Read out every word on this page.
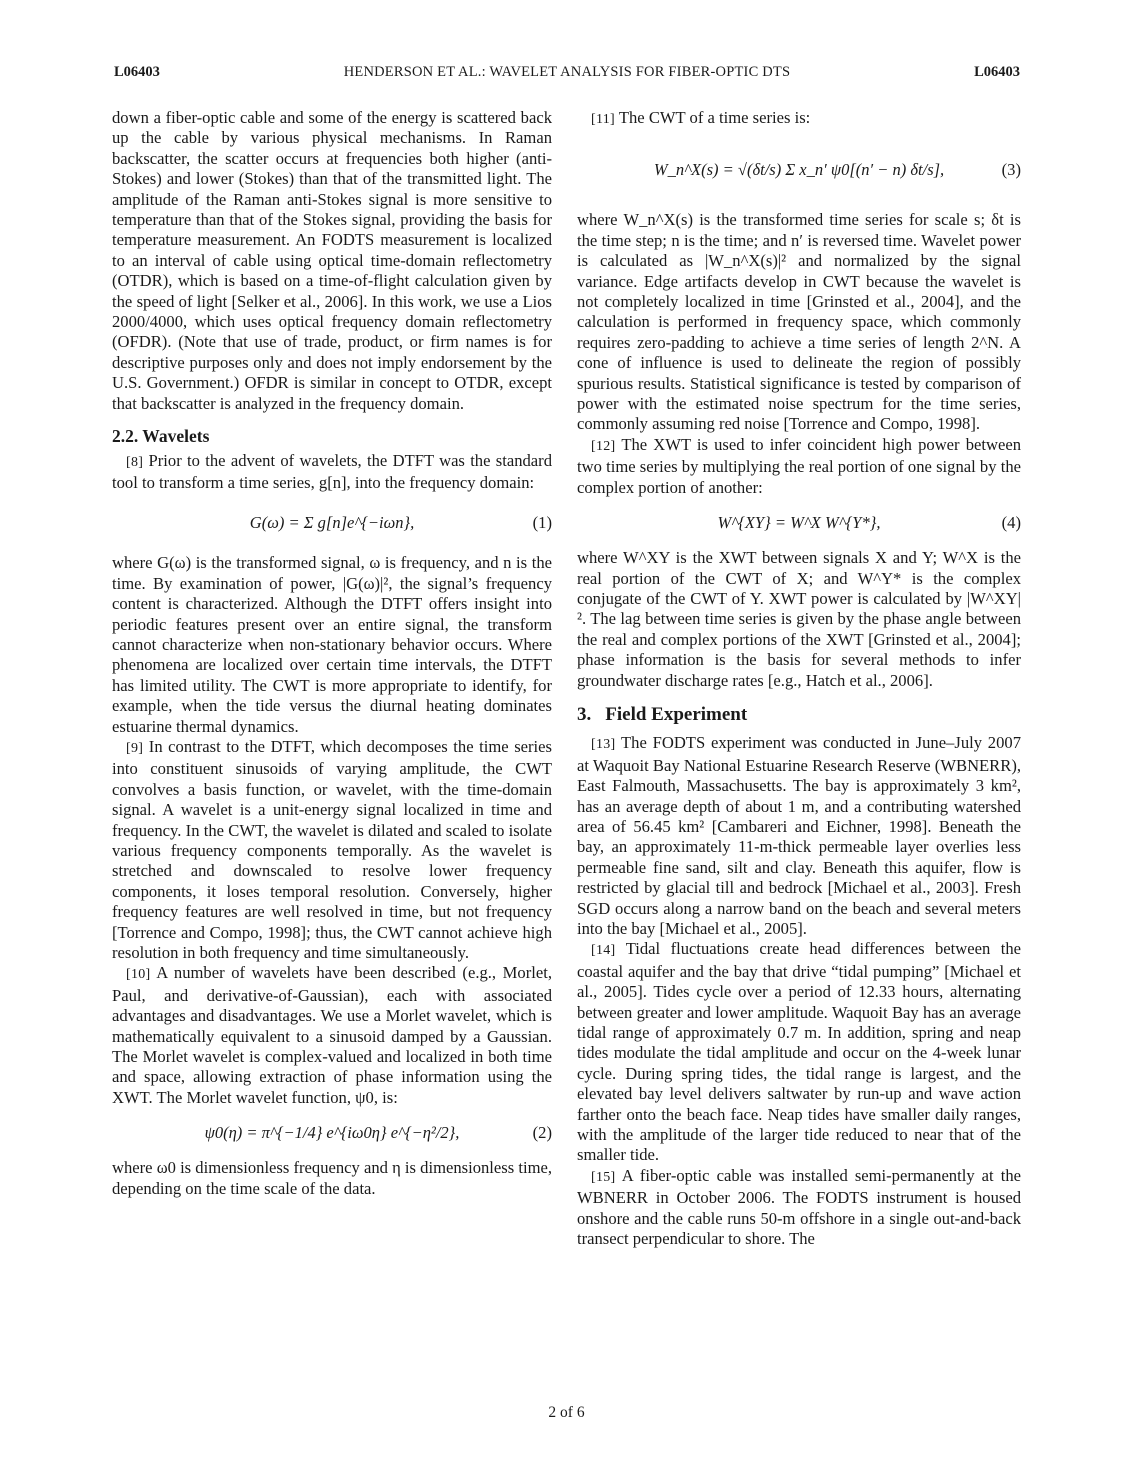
L06403	HENDERSON ET AL.: WAVELET ANALYSIS FOR FIBER-OPTIC DTS	L06403

down a fiber-optic cable and some of the energy is scattered back up the cable by various physical mechanisms. In Raman backscatter, the scatter occurs at frequencies both higher (anti-Stokes) and lower (Stokes) than that of the transmitted light. The amplitude of the Raman anti-Stokes signal is more sensitive to temperature than that of the Stokes signal, providing the basis for temperature measurement. An FODTS measurement is localized to an interval of cable using optical time-domain reflectometry (OTDR), which is based on a time-of-flight calculation given by the speed of light [Selker et al., 2006]. In this work, we use a Lios 2000/4000, which uses optical frequency domain reflectometry (OFDR). (Note that use of trade, product, or firm names is for descriptive purposes only and does not imply endorsement by the U.S. Government.) OFDR is similar in concept to OTDR, except that backscatter is analyzed in the frequency domain.

2.2. Wavelets

[8] Prior to the advent of wavelets, the DTFT was the standard tool to transform a time series, g[n], into the frequency domain:

G(ω) = Σ g[n]e^{−iωn},	(1)

where G(ω) is the transformed signal, ω is frequency, and n is the time. By examination of power, |G(ω)|², the signal’s frequency content is characterized. Although the DTFT offers insight into periodic features present over an entire signal, the transform cannot characterize when non-stationary behavior occurs. Where phenomena are localized over certain time intervals, the DTFT has limited utility. The CWT is more appropriate to identify, for example, when the tide versus the diurnal heating dominates estuarine thermal dynamics.

[9] In contrast to the DTFT, which decomposes the time series into constituent sinusoids of varying amplitude, the CWT convolves a basis function, or wavelet, with the time-domain signal. A wavelet is a unit-energy signal localized in time and frequency. In the CWT, the wavelet is dilated and scaled to isolate various frequency components temporally. As the wavelet is stretched and downscaled to resolve lower frequency components, it loses temporal resolution. Conversely, higher frequency features are well resolved in time, but not frequency [Torrence and Compo, 1998]; thus, the CWT cannot achieve high resolution in both frequency and time simultaneously.

[10] A number of wavelets have been described (e.g., Morlet, Paul, and derivative-of-Gaussian), each with associated advantages and disadvantages. We use a Morlet wavelet, which is mathematically equivalent to a sinusoid damped by a Gaussian. The Morlet wavelet is complex-valued and localized in both time and space, allowing extraction of phase information using the XWT. The Morlet wavelet function, ψ0, is:

ψ0(η) = π^{−1/4} e^{iω0η} e^{−η²/2},	(2)

where ω0 is dimensionless frequency and η is dimensionless time, depending on the time scale of the data.

[11] The CWT of a time series is:

W_n^X(s) = √(δt/s) Σ x_n′ ψ0[(n′ − n) δt/s],	(3)

where W_n^X(s) is the transformed time series for scale s; δt is the time step; n is the time; and n′ is reversed time. Wavelet power is calculated as |W_n^X(s)|² and normalized by the signal variance. Edge artifacts develop in CWT because the wavelet is not completely localized in time [Grinsted et al., 2004], and the calculation is performed in frequency space, which commonly requires zero-padding to achieve a time series of length 2^N. A cone of influence is used to delineate the region of possibly spurious results. Statistical significance is tested by comparison of power with the estimated noise spectrum for the time series, commonly assuming red noise [Torrence and Compo, 1998].

[12] The XWT is used to infer coincident high power between two time series by multiplying the real portion of one signal by the complex portion of another:

W^{XY} = W^X W^{Y*},	(4)

where W^XY is the XWT between signals X and Y; W^X is the real portion of the CWT of X; and W^Y* is the complex conjugate of the CWT of Y. XWT power is calculated by |W^XY|². The lag between time series is given by the phase angle between the real and complex portions of the XWT [Grinsted et al., 2004]; phase information is the basis for several methods to infer groundwater discharge rates [e.g., Hatch et al., 2006].

3. Field Experiment

[13] The FODTS experiment was conducted in June–July 2007 at Waquoit Bay National Estuarine Research Reserve (WBNERR), East Falmouth, Massachusetts. The bay is approximately 3 km², has an average depth of about 1 m, and a contributing watershed area of 56.45 km² [Cambareri and Eichner, 1998]. Beneath the bay, an approximately 11-m-thick permeable layer overlies less permeable fine sand, silt and clay. Beneath this aquifer, flow is restricted by glacial till and bedrock [Michael et al., 2003]. Fresh SGD occurs along a narrow band on the beach and several meters into the bay [Michael et al., 2005].

[14] Tidal fluctuations create head differences between the coastal aquifer and the bay that drive “tidal pumping” [Michael et al., 2005]. Tides cycle over a period of 12.33 hours, alternating between greater and lower amplitude. Waquoit Bay has an average tidal range of approximately 0.7 m. In addition, spring and neap tides modulate the tidal amplitude and occur on the 4-week lunar cycle. During spring tides, the tidal range is largest, and the elevated bay level delivers saltwater by run-up and wave action farther onto the beach face. Neap tides have smaller daily ranges, with the amplitude of the larger tide reduced to near that of the smaller tide.

[15] A fiber-optic cable was installed semi-permanently at the WBNERR in October 2006. The FODTS instrument is housed onshore and the cable runs 50-m offshore in a single out-and-back transect perpendicular to shore. The

2 of 6
